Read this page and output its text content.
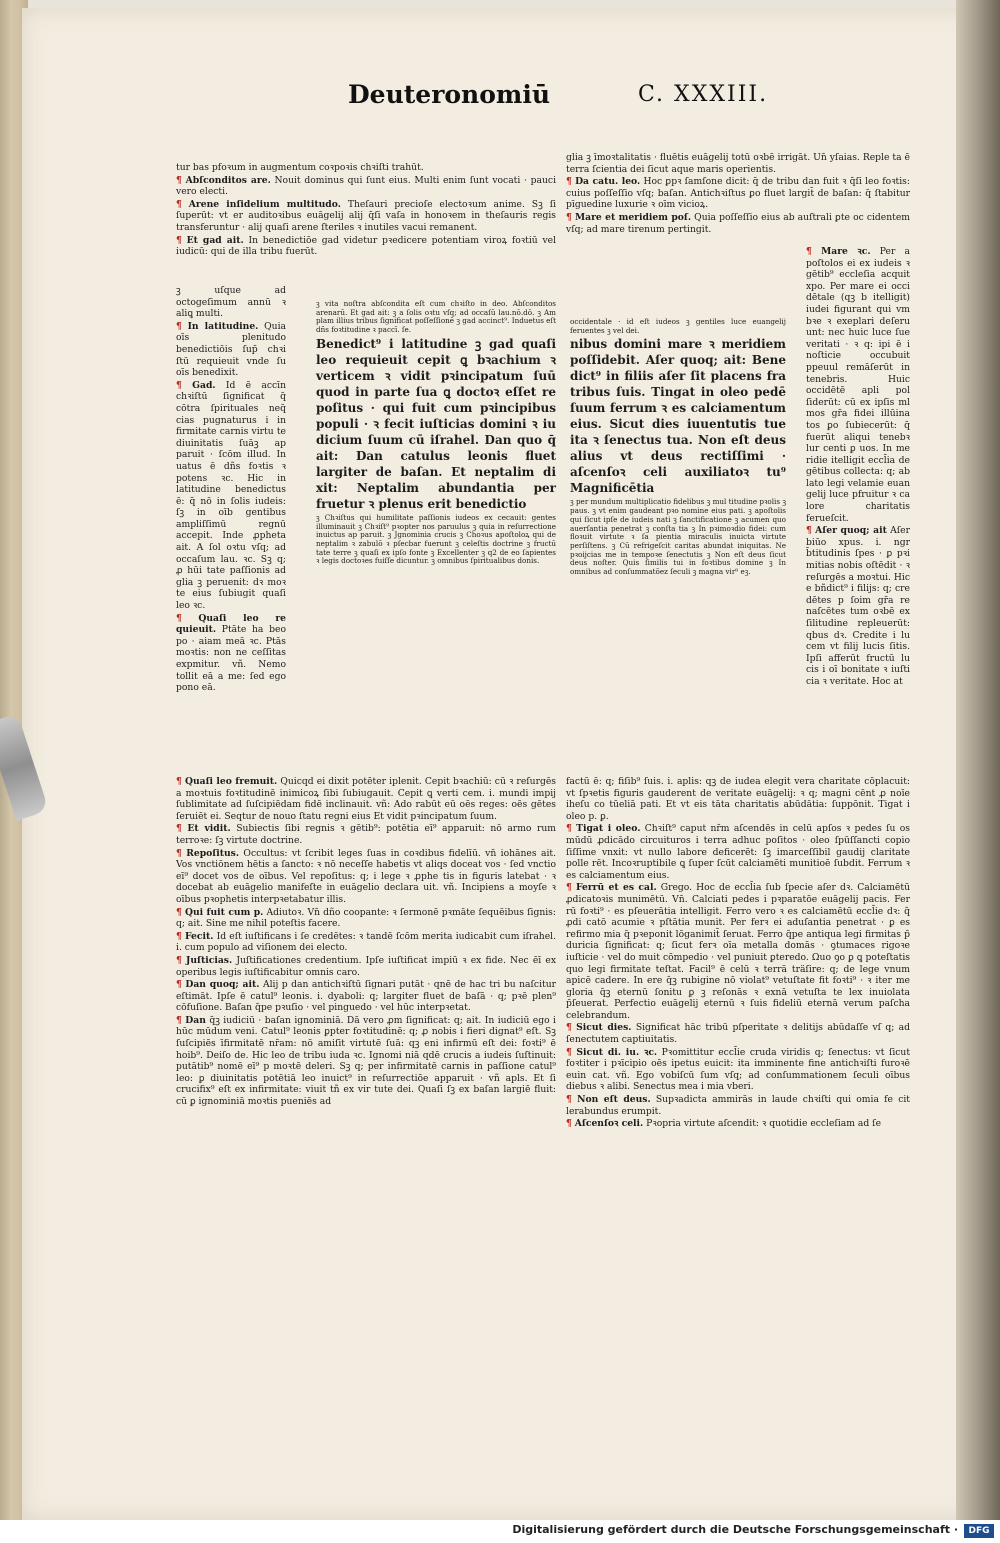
Deuteronomiū	C. XXXIII.

tur bas pfoꝛum in augmentum coꝛpoꝛis chꝛiſti trahūt.

¶ Abſconditos are. Nouit dominus qui ſunt eius. Multi enim ſunt vocati · pauci vero electi.

¶ Arene inſidelium multitudo. Theſauri precioſe electoꝛum anime. Sꝫ ſi ſuperūt: vt er auditoꝛibus euāgelij alij q̄ſi vaſa in honoꝛem in theſauris regis transferuntur · alij quaſi arene ſteriles ꝛ inutiles vacui remanent.

¶ Et gad ait. In benedictiōe gad videtur pꝛedicere potentiam viroꝝ foꝛtiū vel iudicū: qui de illa tribu fuerūt.

glia ꝫ īmoꝛtalitatis · fluētis euāgelij totū oꝛbē irrigāt. Un̄ yſaias. Reple ta ē terra ſcientia dei ſicut aque maris operientis.

¶ Da catu. leo. Hoc ꝑpꝛ ſamſone dicit: q̄ de tribu dan fuit ꝛ q̄ſi leo foꝛtis: cuius poſſeſſio vſq; baſan. Antichꝛiſtus ꝑo fluet largit̄ de baſan: q̄ ſtabitur pīguedine luxurie ꝛ oīm vicioꝝ.

¶ Mare et meridiem poſ. Quia poſſeſſio eius ab auſtrali ꝑte oc cidentem vſq; ad mare tirenum pertingit.

ꝫ uſque ad octogeſimum annū ꝛ aliꝗ multi.

¶ In latitudine. Quia oīs plenitudo benedictiōis ſup̄ chꝛi ſtū requieuit vnde ſu oīs benedixit.

¶ Gad. Id ē accīn chꝛiſtū ſignificat q̄ cōtra ſpirituales neq̄ cias pugnaturus i in firmitate carnis virtu te diuinitatis ſuāꝫ ap paruit · ſcōm illud. In uatus ē dñs foꝛtis ꝛ potens ꝛc. Hic in latitudine benedictus ē: q̄ nō in ſolis iudeis: ſꝫ in oīb gentibus ampliſſimū regnū accepit. Inde ꝓpheta ait. A ſol oꝛtu vſq; ad occaſum lau. ꝛc. Sꝫ q; ꝓ hūi tate paſſionis ad glia ꝫ peruenit: dꝛ moꝛ te eius ſubiugit quaſi leo ꝛc.

¶ Quaſi leo re quieuit. Ptāte ha beo po · aiam meā ꝛc. Ptās moꝛtis: non ne ceſſitas expmitur. vñ. Nemo tollit eā a me: ſed ego pono eā.

ꝫ vita noſtra abſcondita eſt cum chꝛiſto in deo. Abſconditos arenarū. Et gad ait: ꝫ a ſolis oꝛtu vſq; ad occaſū lau.nō.dō. ꝫ Am plam illius tribus ſignificat poſſeſſionē ꝫ gad accinct⁹. Induetus eſt dñs foꝛtitudine ꝛ paccī. ſe.

Benedict⁹ i latitudine ꝫ gad quaſi leo requieuit cepit ꝗ bꝛachium ꝛ verticem ꝛ vidit pꝛincipatum ſuū quod in parte ſua ꝗ doctoꝛ eſſet re poſitus · qui fuit cum pꝛincipibus populi · ꝛ fecit iuſticias domini ꝛ iu dicium ſuum cū iſrahel. Dan quo q̄ ait: Dan catulus leonis fluet largiter de baſan. Et neptalim di xit: Neptalim abundantia per fruetur ꝛ plenus erit benedictio

ꝫ Chꝛiſtus qui humilitate paſſionis iudeos ex cecauit: gentes illuminauit ꝫ Chꝛiſt⁹ pꝛopter nos paruulus ꝫ quia in reſurrectione inuictus ap paruit. ꝫ Jgnominia crucis ꝫ Choꝛus apoſtoloꝝ qui de neptalim ꝛ zabulō ꝛ pſecbar fuerunt ꝫ celeſtis doctrine ꝫ fructū tate terre ꝫ quaſi ex ipſo fonte ꝫ Excellenter ꝫ q2 de eo ſapientes ꝛ legis doctoꝛes fuiſſe dicuntur. ꝫ omnibus ſpiritualibus donis.

occidentale · id eſt iudeos ꝫ gentiles luce euangelij feruentes ꝫ vel dei.

nibus domini mare ꝛ meridiem poſſidebit. Aſer quoq; ait: Bene dict⁹ in filiis aſer ſit placens fra tribus ſuis. Tingat in oleo pedē ſuum ferrum ꝛ es calciamentum eius. Sicut dies iuuentutis tue ita ꝛ ſenectus tua. Non eſt deus alius vt deus rectiſſimi · aſcenſoꝛ celi auxiliatoꝛ tu⁹ Magnificētia

ꝫ per mundum multiplicatio fidelibus ꝫ mul titudine pꝛolis ꝫ paus. ꝫ vt enim gaudeant pꝛo nomine eius pati. ꝫ apoſtolis qui ſicut ipſe de iudeis nati ꝫ ſanctificatione ꝫ acumen quo auerſantia penetrat ꝫ conſta tia ꝫ In pꝛimoꝛdio fidei: cum floꝛuit virtute ꝛ ſa pientia miraculis inuicta virtute perſiſtens. ꝫ Cū refrigeſcit caritas abundat iniquitas. Ne pꝛoijcias me in tempoꝛe ſenectutis ꝫ Non eſt deus ſicut deus noſter. Quis ſimilis tui in foꝛtibus domine ꝫ In omnibus ad conſummatōez ſeculi ꝫ magna vir⁹ eꝫ.

¶ Mare ꝛc. Per a poſtolos ei ex iudeis ꝛ gētib⁹ eccleſia acquit xpo. Per mare ei occi dētale (qꝫ b itelligit) iudei figurant qui vm bꝛe ꝛ exeplari deſeru unt: nec huic luce ſue veritati · ꝛ q: ipi ē i noſticie occubuit ppeuul remāſerūt in tenebris. Huic occidētē apli pol ſiderūt: cū ex ipſis ml mos gr̄a fidei illūina tos ꝑo ſubiecerūt: q̄ fuerūt aliqui tenebꝛ lur centi ꝑ uos. In me ridie itelligit eccl̄ia de gētibus collecta: q; ab lato legi velamie euan gelij luce pfruitur ꝛ ca lore charitatis ferueſcit.

¶ Aſer quoq; ait Aſer biūo xpus. i. ngr b̄titudinis ſpes · ꝑ pꝛi mitias nobis oſtēdit · ꝛ reſurgēs a moꝛtui. Hic e bñdict⁹ i filijs: q; cre dētes p ſoim gr̄a re naſcētes tum oꝛbē ex ſilitudine repleuerūt: qbus dꝛ. Credite i lu cem vt filij lucis ſitis. Ipſi afferūt fructū lu cis i oī bonitate ꝛ iuſti cia ꝛ veritate. Hoc at

¶ Quaſi leo fremuit. Quicqd ei dixit potēter iplenit. Cepit bꝛachiū: cū ꝛ reſurgēs a moꝛtuis foꝛtitudinē inimicoꝝ ſibi ſubiugauit. Cepit ꝗ verti cem. i. mundi impij ſublimitate ad ſuſcipiēdam fidē inclinauit. vñ: Ado rabūt eū oēs reges: oēs gētes ſeruiēt ei. Seqtur de nouo ſtatu regni eius Et vidit pꝛincipatum ſuum.

¶ Et vidit. Subiectis ſibi regnis ꝛ gētib⁹: potētia eī⁹ apparuit: nō armo rum terroꝛe: ſꝫ virtute doctrine.

¶ Repoſitus. Occultus: vt ſcribit leges ſuas in coꝛdibus fidelīū. vn̄ iohānes ait. Vos vnctiōnem hētis a ſancto: ꝛ nō neceſſe habetis vt aliqs doceat vos · ſed vnctio eī⁹ docet vos de oībus. Vel repoſitus: q; i lege ꝛ ꝓphe tis in figuris latebat · ꝛ docebat ab euāgelio manifeſte in euāgelio declara uit. vñ. Incipiens a moyſe ꝛ oībus pꝛophetis interpꝛetabatur illis.

¶ Qui fuit cum p. Adiutoꝛ. Vn̄ dño coopante: ꝛ ſermonē pꝛmāte ſequēibus ſignis: q; ait. Sine me nihil poteſtis facere.

¶ Fecit. Id eſt iuſtificans i ſe credētes: ꝛ tandē ſcōm merita iudicabit cum iſrahel. i. cum populo ad viſionem dei electo.

¶ Juſticias. Juſtificationes credentium. Ipſe iuſtificat impiū ꝛ ex fide. Nec ēī ex operibus legis iuſtificabitur omnis caro.

¶ Dan quoq; ait. Alij p dan antichꝛiſtū ſignari putāt · qnē de hac tri bu naſcitur eſtimāt. Ipſe ē catul⁹ leonis. i. dyaboli: q; largiter fluet de baſā · q; pꝛē plen⁹ cōfuſione. Baſan q̄pe pꝛuſio · vel pinguedo · vel hūc interpꝛetat.

¶ Dan q̄ꝫ iudiciū · baſan ignominiā. Dā vero ꝓm ſignificat: q; ait. In iudiciū ego i hūc mūdum veni. Catul⁹ leonis ꝑpter foꝛtitudinē: q; ꝓ nobis i fieri dignat⁹ eſt. Sꝫ ſuſcipiēs īfirmitatē nr̄am: nō amiſit virtutē ſuā: qꝫ eni infirmū eſt dei: foꝛti⁹ ē hoib⁹. Deiſo de. Hic leo de tribu iuda ꝛc. Ignomi niā qdē crucis a iudeis ſuſtinuit: putātib⁹ nomē eī⁹ p moꝛtē deleri. Sꝫ q; per infirmitatē carnis in paſſione catul⁹ leo: ꝑ diuinitatis potētiā leo inuict⁹ in reſurrectiōe apparuit · vñ apls. Et ſi crucifix⁹ eſt ex infirmitate: viuit tñ ex vir tute dei. Quaſi ſꝫ ex baſan largiē fluit: cū ꝑ ignominiā moꝛtis pueniēs ad

factū ē: q; fiſib⁹ ſuis. i. aplis: qꝫ de iudea elegit vera charitate cōplacuit: vt ſpꝛetis figuris gauderent de veritate euāgelij: ꝛ q; magni cēnt ꝓ noīe iheſu co tūeliā pati. Et vt eis tāta charitatis abūdātia: ſuppōnit. Tigat i oleo p. ꝑ.

¶ Tigat i oleo. Chꝛiſt⁹ caput nr̄m aſcendēs in celū apſos ꝛ pedes ſu os mūdū ꝓdicādo circuituros i terra adhuc poſitos · oleo ſpūſſancti copio ſiſſime vnxit: vt nullo labore deficerēt: ſꝫ imarceſſibil gaudij claritate polle rēt. Incoꝛruptibile ꝗ ſuper ſcūt calciamēti munitioē ſubdit. Ferrum ꝛ es calciamentum eius.

¶ Ferrū et es cal. Grego. Hoc de eccl̄ia ſub ſpecie aſer dꝛ. Calciamētū ꝓdicatoꝛis munimētū. Vn̄. Calciati pedes i pꝛparatōe euāgelij pacis. Fer rū foꝛti⁹ · es pſeuerātia intelligit. Ferro vero ꝛ es calciamētū eccl̄ie dꝛ: q̄ ꝓdi catō acumie ꝛ pſtātia munit. Per ferꝛ ei aduſantia penetrat · ꝑ es refirmo mia q̄ pꝛeponit lōganimit̄ ſeruat. Ferro q̄pe antiqua legi firmitas p̄ duricia ſignificat: q; ſicut ferꝛ oīa metalla domās · ꝯtumaces rigoꝛe iuſticie · vel do muit cōmpedio · vel puniuit ꝑteredo. Ωuo ꝯo ꝑ ꝗ poteſtatis quo legi firmitate teſtat. Facil⁹ ē celū ꝛ terrā träſire: q; de lege vnum apicē cadere. In ere q̄ꝫ rubigine nō violat⁹ vetuſtate fit foꝛti⁹ · ꝛ iter me gloria q̄ꝫ eternū ſonitu ꝑ ꝫ reſonās ꝛ exnā vetuſta te lex inuiolata p̄ſeuerat. Perfectio euāgelij eternū ꝛ ſuis fideliū eternā verum paſcha celebrandum.

¶ Sicut dies. Significat hāc tribū pſperitate ꝛ delitijs abūdaſſe vſ q; ad ſenectutem captiuitatis.

¶ Sicut di. iu. ꝛc. Pꝛomittitur eccl̄ie cruda viridis q; ſenectus: vt ſicut foꝛtiter i pꝛīcipio oēs ipetus euicit: ita imminente fine antichꝛiſti furoꝛē euin cat. vñ. Ego vobiſcū ſum vſq; ad conſummationem ſeculi oībus diebus ꝛ alibi. Senectus mea i mia vberi.

¶ Non eſt deus. Supꝛadicta ammirās in laude chꝛiſti qui omia fe cit lerabundus erumpit.

¶ Aſcenſoꝛ celi. Pꝛopria virtute aſcendit: ꝛ quotidie eccleſiam ad ſe

Digitalisierung gefördert durch die Deutsche Forschungsgemeinschaft ·	DFG
